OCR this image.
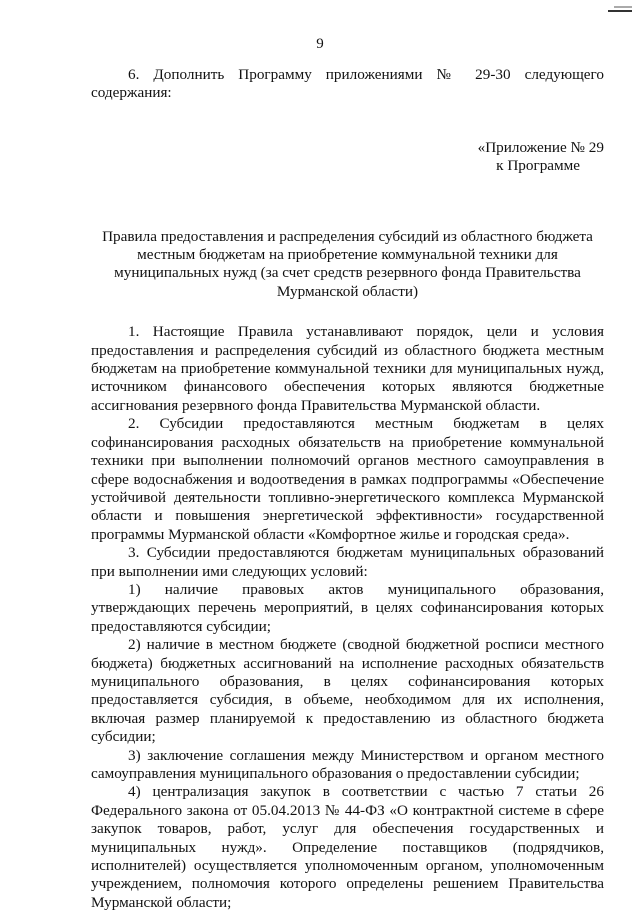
9

6. Дополнить Программу приложениями № 29-30 следующего содержания:

«Приложение № 29
к Программе
Правила предоставления и распределения субсидий из областного бюджета
местным бюджетам на приобретение коммунальной техники для
муниципальных нужд (за счет средств резервного фонда Правительства
Мурманской области)

1. Настоящие Правила устанавливают порядок, цели и условия предоставления и распределения субсидий из областного бюджета местным бюджетам на приобретение коммунальной техники для муниципальных нужд, источником финансового обеспечения которых являются бюджетные ассигнования резервного фонда Правительства Мурманской области.

2. Субсидии предоставляются местным бюджетам в целях софинансирования расходных обязательств на приобретение коммунальной техники при выполнении полномочий органов местного самоуправления в сфере водоснабжения и водоотведения в рамках подпрограммы «Обеспечение устойчивой деятельности топливно-энергетического комплекса Мурманской области и повышения энергетической эффективности» государственной программы Мурманской области «Комфортное жилье и городская среда».

3. Субсидии предоставляются бюджетам муниципальных образований при выполнении ими следующих условий:

1) наличие правовых актов муниципального образования, утверждающих перечень мероприятий, в целях софинансирования которых предоставляются субсидии;

2) наличие в местном бюджете (сводной бюджетной росписи местного бюджета) бюджетных ассигнований на исполнение расходных обязательств муниципального образования, в целях софинансирования которых предоставляется субсидия, в объеме, необходимом для их исполнения, включая размер планируемой к предоставлению из областного бюджета субсидии;

3) заключение соглашения между Министерством и органом местного самоуправления муниципального образования о предоставлении субсидии;

4) централизация закупок в соответствии с частью 7 статьи 26 Федерального закона от 05.04.2013 № 44-ФЗ «О контрактной системе в сфере закупок товаров, работ, услуг для обеспечения государственных и муниципальных нужд». Определение поставщиков (подрядчиков, исполнителей) осуществляется уполномоченным органом, уполномоченным учреждением, полномочия которого определены решением Правительства Мурманской области;
